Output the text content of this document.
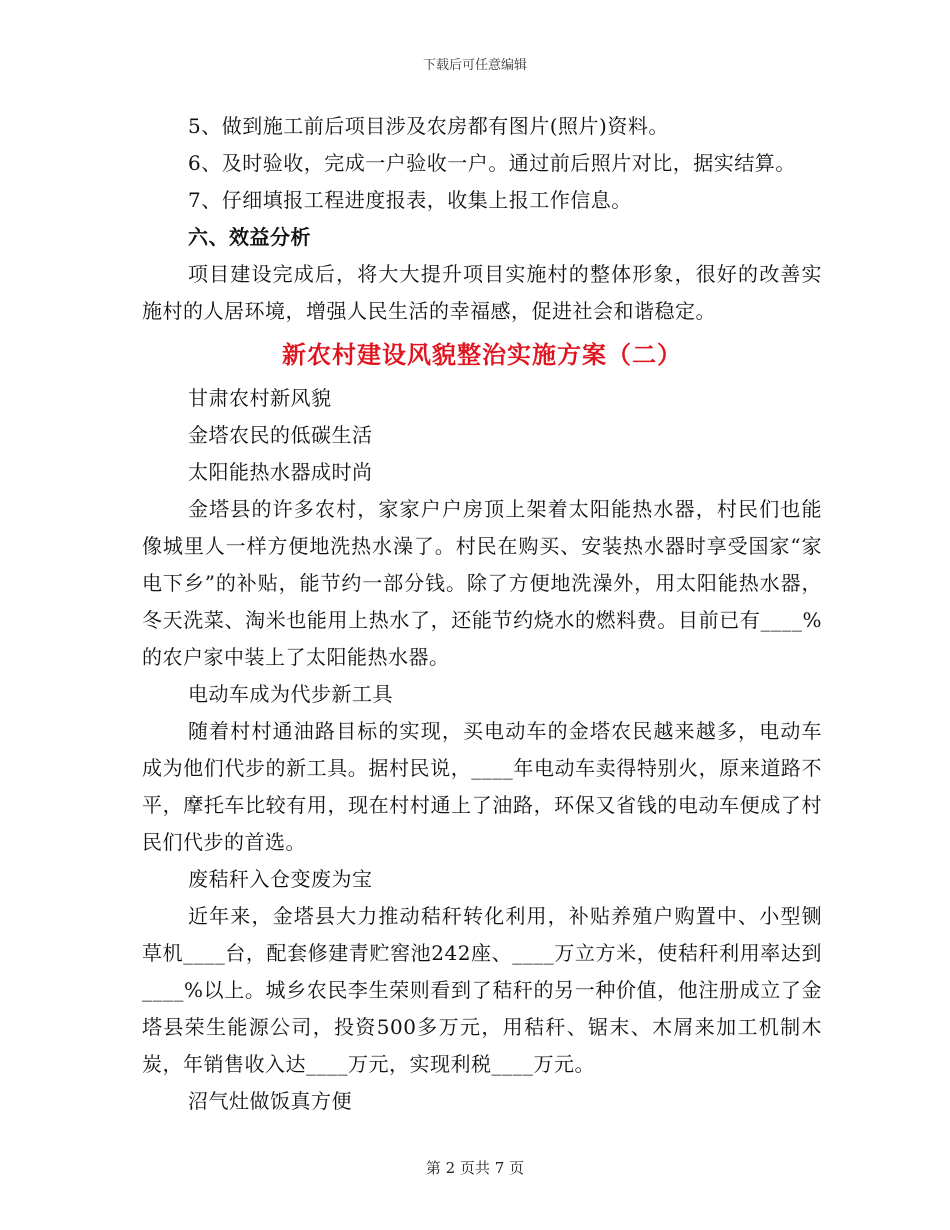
下载后可任意编辑

5、做到施工前后项目涉及农房都有图片(照片)资料。

6、及时验收，完成一户验收一户。通过前后照片对比，据实结算。

7、仔细填报工程进度报表，收集上报工作信息。

六、效益分析

项目建设完成后，将大大提升项目实施村的整体形象，很好的改善实施村的人居环境，增强人民生活的幸福感，促进社会和谐稳定。

新农村建设风貌整治实施方案（二）

甘肃农村新风貌

金塔农民的低碳生活

太阳能热水器成时尚

金塔县的许多农村，家家户户房顶上架着太阳能热水器，村民们也能像城里人一样方便地洗热水澡了。村民在购买、安装热水器时享受国家“家电下乡”的补贴，能节约一部分钱。除了方便地洗澡外，用太阳能热水器，冬天洗菜、淘米也能用上热水了，还能节约烧水的燃料费。目前已有____%的农户家中装上了太阳能热水器。

电动车成为代步新工具

随着村村通油路目标的实现，买电动车的金塔农民越来越多，电动车成为他们代步的新工具。据村民说，____年电动车卖得特别火，原来道路不平，摩托车比较有用，现在村村通上了油路，环保又省钱的电动车便成了村民们代步的首选。

废秸秆入仓变废为宝

近年来，金塔县大力推动秸秆转化利用，补贴养殖户购置中、小型铡草机____台，配套修建青贮窖池242座、____万立方米，使秸秆利用率达到____%以上。城乡农民李生荣则看到了秸秆的另一种价值，他注册成立了金塔县荣生能源公司，投资500多万元，用秸秆、锯末、木屑来加工机制木炭，年销售收入达____万元，实现利税____万元。

沼气灶做饭真方便

第 2 页共 7 页
